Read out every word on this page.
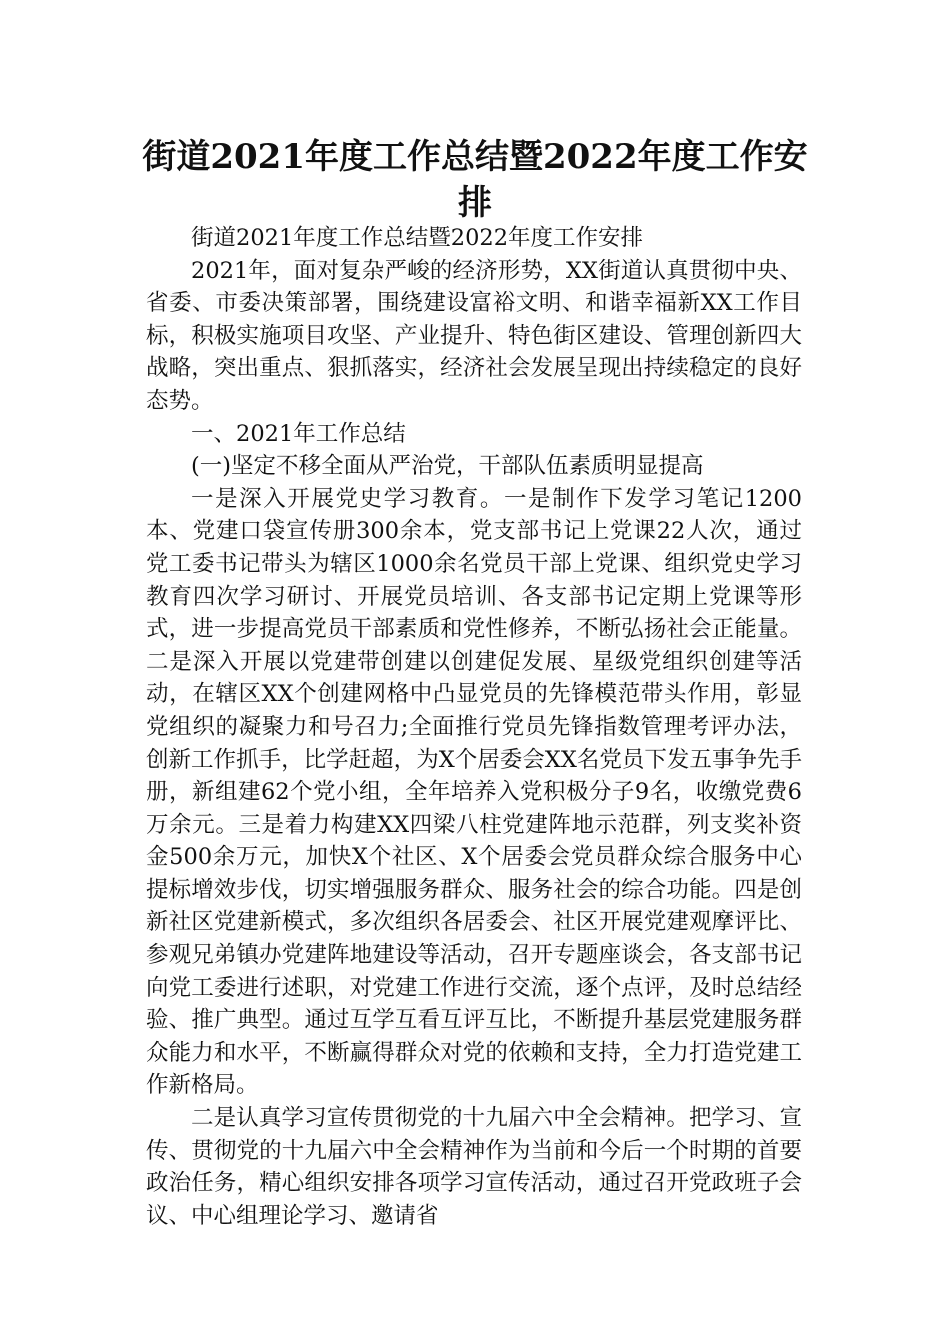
街道2021年度工作总结暨2022年度工作安排

街道2021年度工作总结暨2022年度工作安排

2021年，面对复杂严峻的经济形势，XX街道认真贯彻中央、省委、市委决策部署，围绕建设富裕文明、和谐幸福新XX工作目标，积极实施项目攻坚、产业提升、特色街区建设、管理创新四大战略，突出重点、狠抓落实，经济社会发展呈现出持续稳定的良好态势。

一、2021年工作总结

(一)坚定不移全面从严治党，干部队伍素质明显提高

一是深入开展党史学习教育。一是制作下发学习笔记1200本、党建口袋宣传册300余本，党支部书记上党课22人次，通过党工委书记带头为辖区1000余名党员干部上党课、组织党史学习教育四次学习研讨、开展党员培训、各支部书记定期上党课等形式，进一步提高党员干部素质和党性修养，不断弘扬社会正能量。二是深入开展以党建带创建以创建促发展、星级党组织创建等活动，在辖区XX个创建网格中凸显党员的先锋模范带头作用，彰显党组织的凝聚力和号召力;全面推行党员先锋指数管理考评办法，创新工作抓手，比学赶超，为X个居委会XX名党员下发五事争先手册，新组建62个党小组，全年培养入党积极分子9名，收缴党费6万余元。三是着力构建XX四梁八柱党建阵地示范群，列支奖补资金500余万元，加快X个社区、X个居委会党员群众综合服务中心提标增效步伐，切实增强服务群众、服务社会的综合功能。四是创新社区党建新模式，多次组织各居委会、社区开展党建观摩评比、参观兄弟镇办党建阵地建设等活动，召开专题座谈会，各支部书记向党工委进行述职，对党建工作进行交流，逐个点评，及时总结经验、推广典型。通过互学互看互评互比，不断提升基层党建服务群众能力和水平，不断赢得群众对党的依赖和支持，全力打造党建工作新格局。

二是认真学习宣传贯彻党的十九届六中全会精神。把学习、宣传、贯彻党的十九届六中全会精神作为当前和今后一个时期的首要政治任务，精心组织安排各项学习宣传活动，通过召开党政班子会议、中心组理论学习、邀请省
